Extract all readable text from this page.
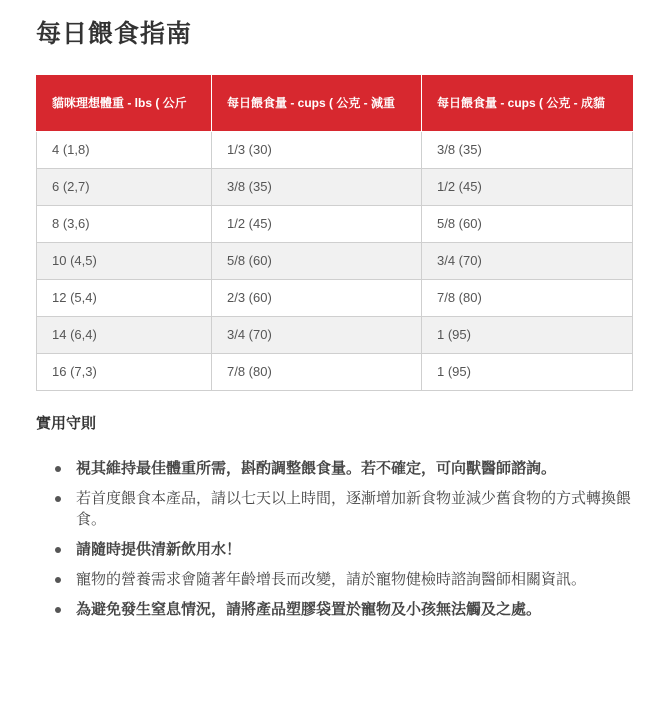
每日餵食指南
貓咪理想體重 - lbs ( 公斤	每日餵食量 - cups ( 公克 - 減重	每日餵食量 - cups ( 公克 - 成貓
4 (1,8)	1/3 (30)	3/8 (35)
6 (2,7)	3/8 (35)	1/2 (45)
8 (3,6)	1/2 (45)	5/8 (60)
10 (4,5)	5/8 (60)	3/4 (70)
12 (5,4)	2/3 (60)	7/8 (80)
14 (6,4)	3/4 (70)	1 (95)
16 (7,3)	7/8 (80)	1 (95)
實用守則
視其維持最佳體重所需，斟酌調整餵食量。若不確定，可向獸醫師諮詢。
若首度餵食本產品，請以七天以上時間，逐漸增加新食物並減少舊食物的方式轉換餵食。
請隨時提供清新飲用水！
寵物的營養需求會隨著年齡增長而改變，請於寵物健檢時諮詢醫師相關資訊。
為避免發生窒息情況，請將產品塑膠袋置於寵物及小孩無法觸及之處。
